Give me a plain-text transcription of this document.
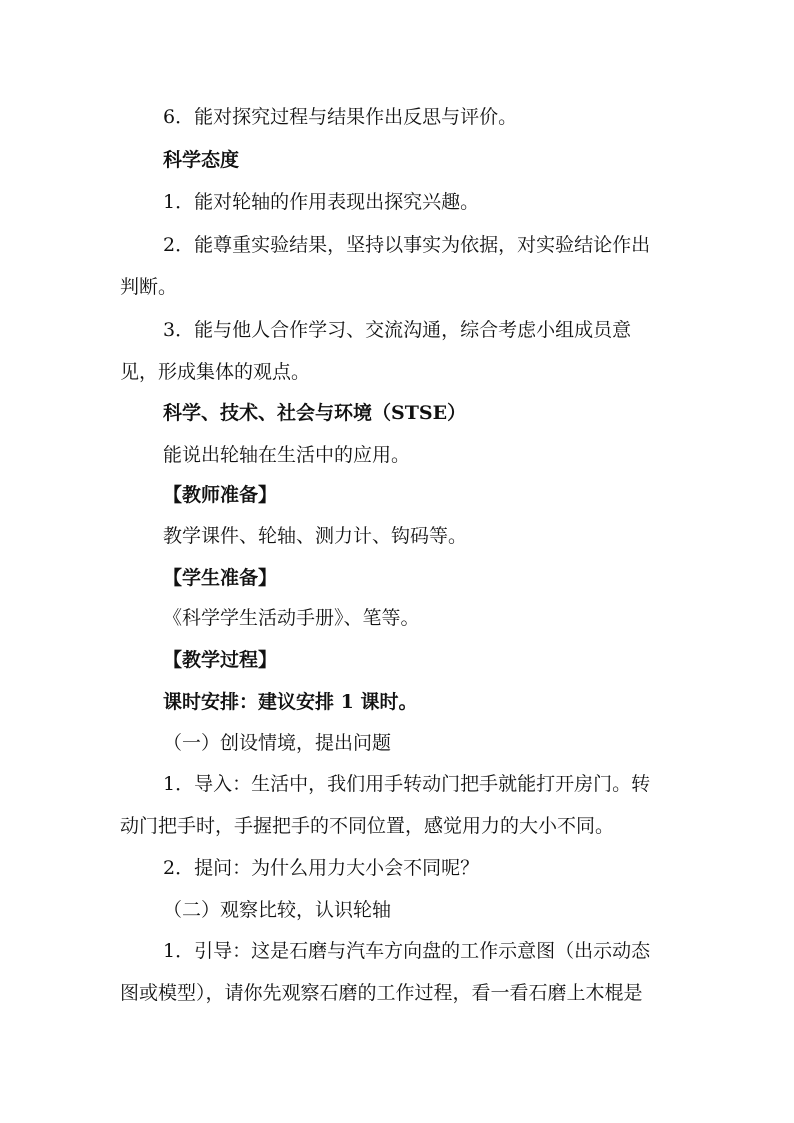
6．能对探究过程与结果作出反思与评价。
科学态度
1．能对轮轴的作用表现出探究兴趣。
2．能尊重实验结果，坚持以事实为依据，对实验结论作出
判断。
3．能与他人合作学习、交流沟通，综合考虑小组成员意
见，形成集体的观点。
科学、技术、社会与环境（STSE）
能说出轮轴在生活中的应用。
【教师准备】
教学课件、轮轴、测力计、钩码等。
【学生准备】
《科学学生活动手册》、笔等。
【教学过程】
课时安排：建议安排 1 课时。
（一）创设情境，提出问题
1．导入：生活中，我们用手转动门把手就能打开房门。转
动门把手时，手握把手的不同位置，感觉用力的大小不同。
2．提问：为什么用力大小会不同呢？
（二）观察比较，认识轮轴
1．引导：这是石磨与汽车方向盘的工作示意图（出示动态
图或模型），请你先观察石磨的工作过程，看一看石磨上木棍是
